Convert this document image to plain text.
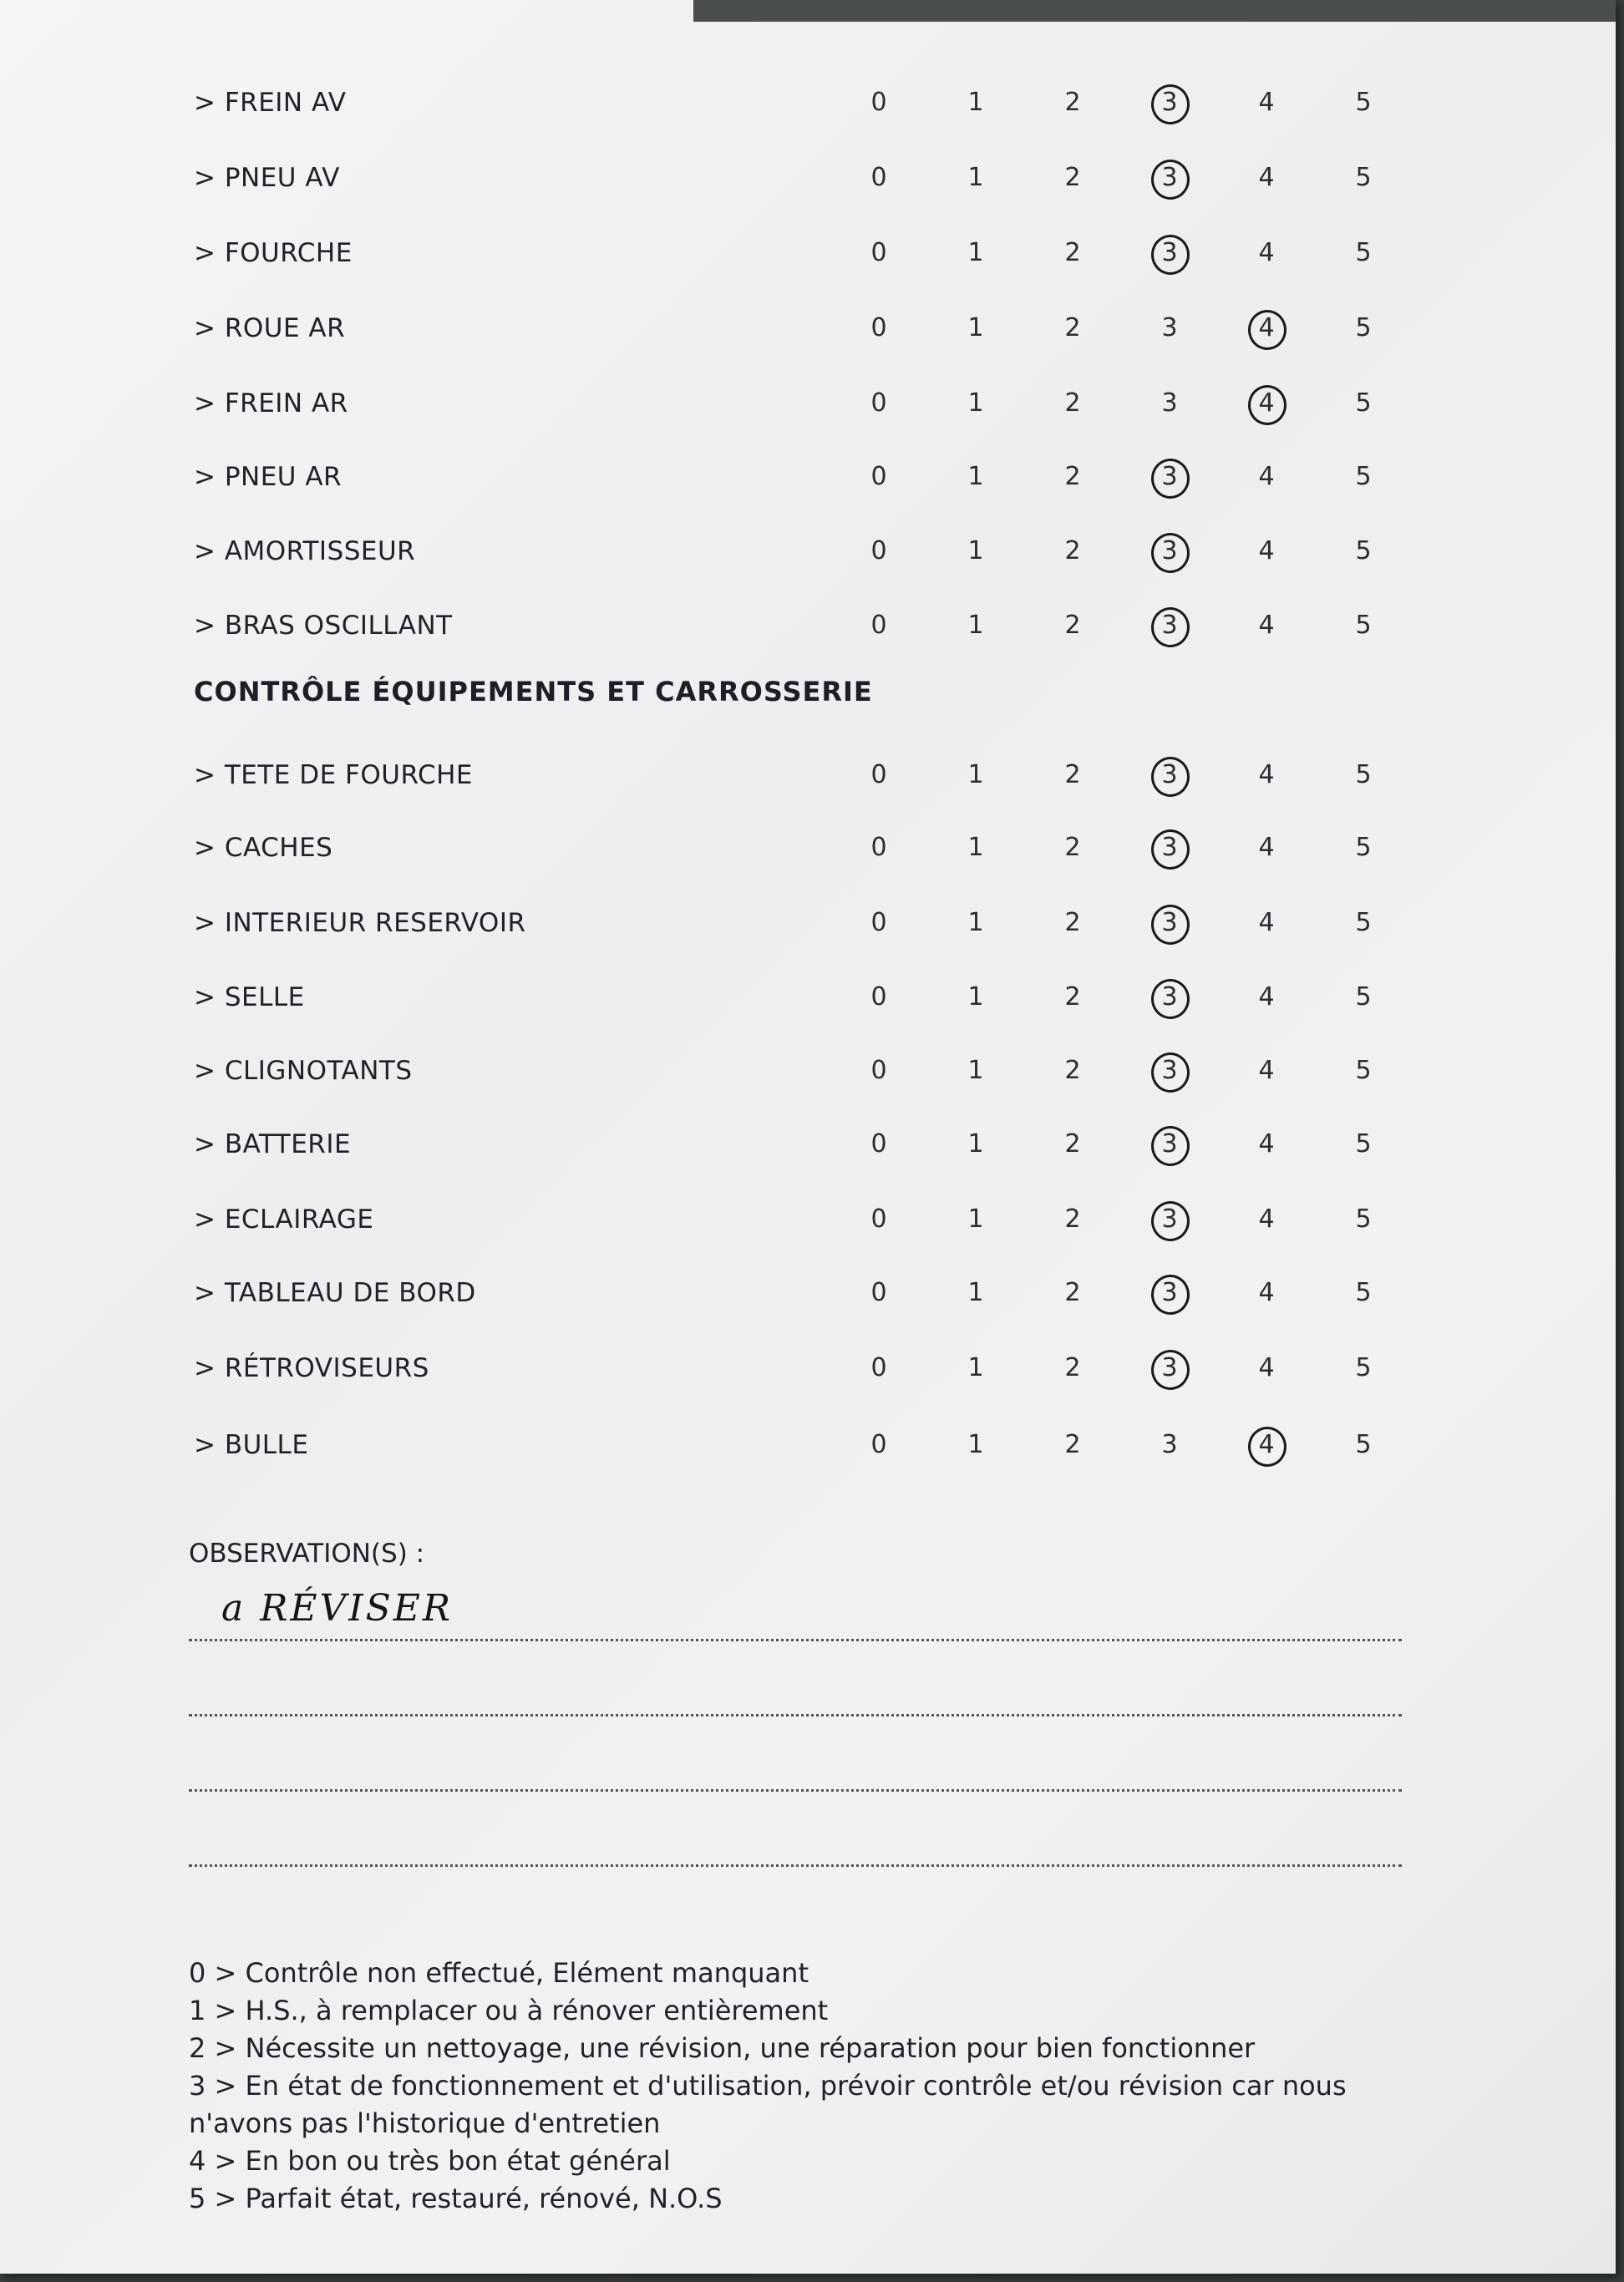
> FREIN AV	0	1	2	3	4	5
> PNEU AV	0	1	2	3	4	5
> FOURCHE	0	1	2	3	4	5
> ROUE AR	0	1	2	3	4	5
> FREIN AR	0	1	2	3	4	5
> PNEU AR	0	1	2	3	4	5
> AMORTISSEUR	0	1	2	3	4	5
> BRAS OSCILLANT	0	1	2	3	4	5
> TETE DE FOURCHE	0	1	2	3	4	5
> CACHES	0	1	2	3	4	5
> INTERIEUR RESERVOIR	0	1	2	3	4	5
> SELLE	0	1	2	3	4	5
> CLIGNOTANTS	0	1	2	3	4	5
> BATTERIE	0	1	2	3	4	5
> ECLAIRAGE	0	1	2	3	4	5
> TABLEAU DE BORD	0	1	2	3	4	5
> RÉTROVISEURS	0	1	2	3	4	5
> BULLE	0	1	2	3	4	5
CONTRÔLE ÉQUIPEMENTS ET CARROSSERIE
OBSERVATION(S) :
a RÉVISER
0 > Contrôle non effectué, Elément manquant
1 > H.S., à remplacer ou à rénover entièrement
2 > Nécessite un nettoyage, une révision, une réparation pour bien fonctionner
3 > En état de fonctionnement et d'utilisation, prévoir contrôle et/ou révision car nous n'avons pas l'historique d'entretien
4 > En bon ou très bon état général
5 > Parfait état, restauré, rénové, N.O.S
